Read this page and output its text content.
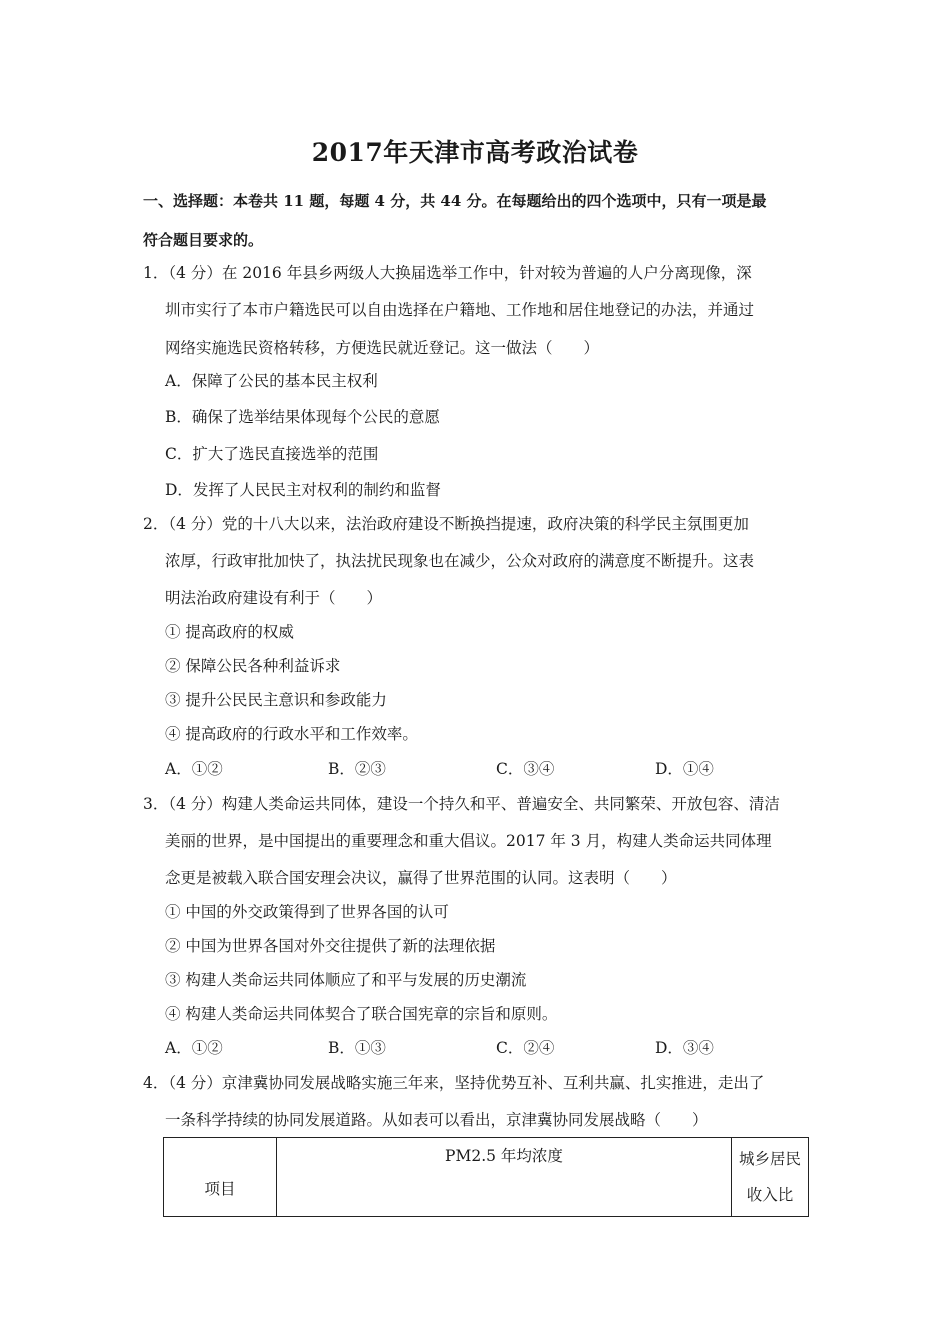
2017年天津市高考政治试卷
一、选择题：本卷共 11 题，每题 4 分，共 44 分。在每题给出的四个选项中，只有一项是最
符合题目要求的。
1．（4 分）在 2016 年县乡两级人大换届选举工作中，针对较为普遍的人户分离现像，深
圳市实行了本市户籍选民可以自由选择在户籍地、工作地和居住地登记的办法，并通过
网络实施选民资格转移，方便选民就近登记。这一做法（　　）
A．保障了公民的基本民主权利
B．确保了选举结果体现每个公民的意愿
C．扩大了选民直接选举的范围
D．发挥了人民民主对权利的制约和监督
2．（4 分）党的十八大以来，法治政府建设不断换挡提速，政府决策的科学民主氛围更加
浓厚，行政审批加快了，执法扰民现象也在减少，公众对政府的满意度不断提升。这表
明法治政府建设有利于（　　）
① 提高政府的权威
② 保障公民各种利益诉求
③ 提升公民民主意识和参政能力
④ 提高政府的行政水平和工作效率。
A．①②	B．②③	C．③④	D．①④
3．（4 分）构建人类命运共同体，建设一个持久和平、普遍安全、共同繁荣、开放包容、清洁
美丽的世界，是中国提出的重要理念和重大倡议。2017 年 3 月，构建人类命运共同体理
念更是被载入联合国安理会决议，赢得了世界范围的认同。这表明（　　）
① 中国的外交政策得到了世界各国的认可
② 中国为世界各国对外交往提供了新的法理依据
③ 构建人类命运共同体顺应了和平与发展的历史潮流
④ 构建人类命运共同体契合了联合国宪章的宗旨和原则。
A．①②	B．①③	C．②④	D．③④
4．（4 分）京津冀协同发展战略实施三年来，坚持优势互补、互利共赢、扎实推进，走出了
一条科学持续的协同发展道路。从如表可以看出，京津冀协同发展战略（　　）
项目	PM2.5 年均浓度	城乡居民
收入比
